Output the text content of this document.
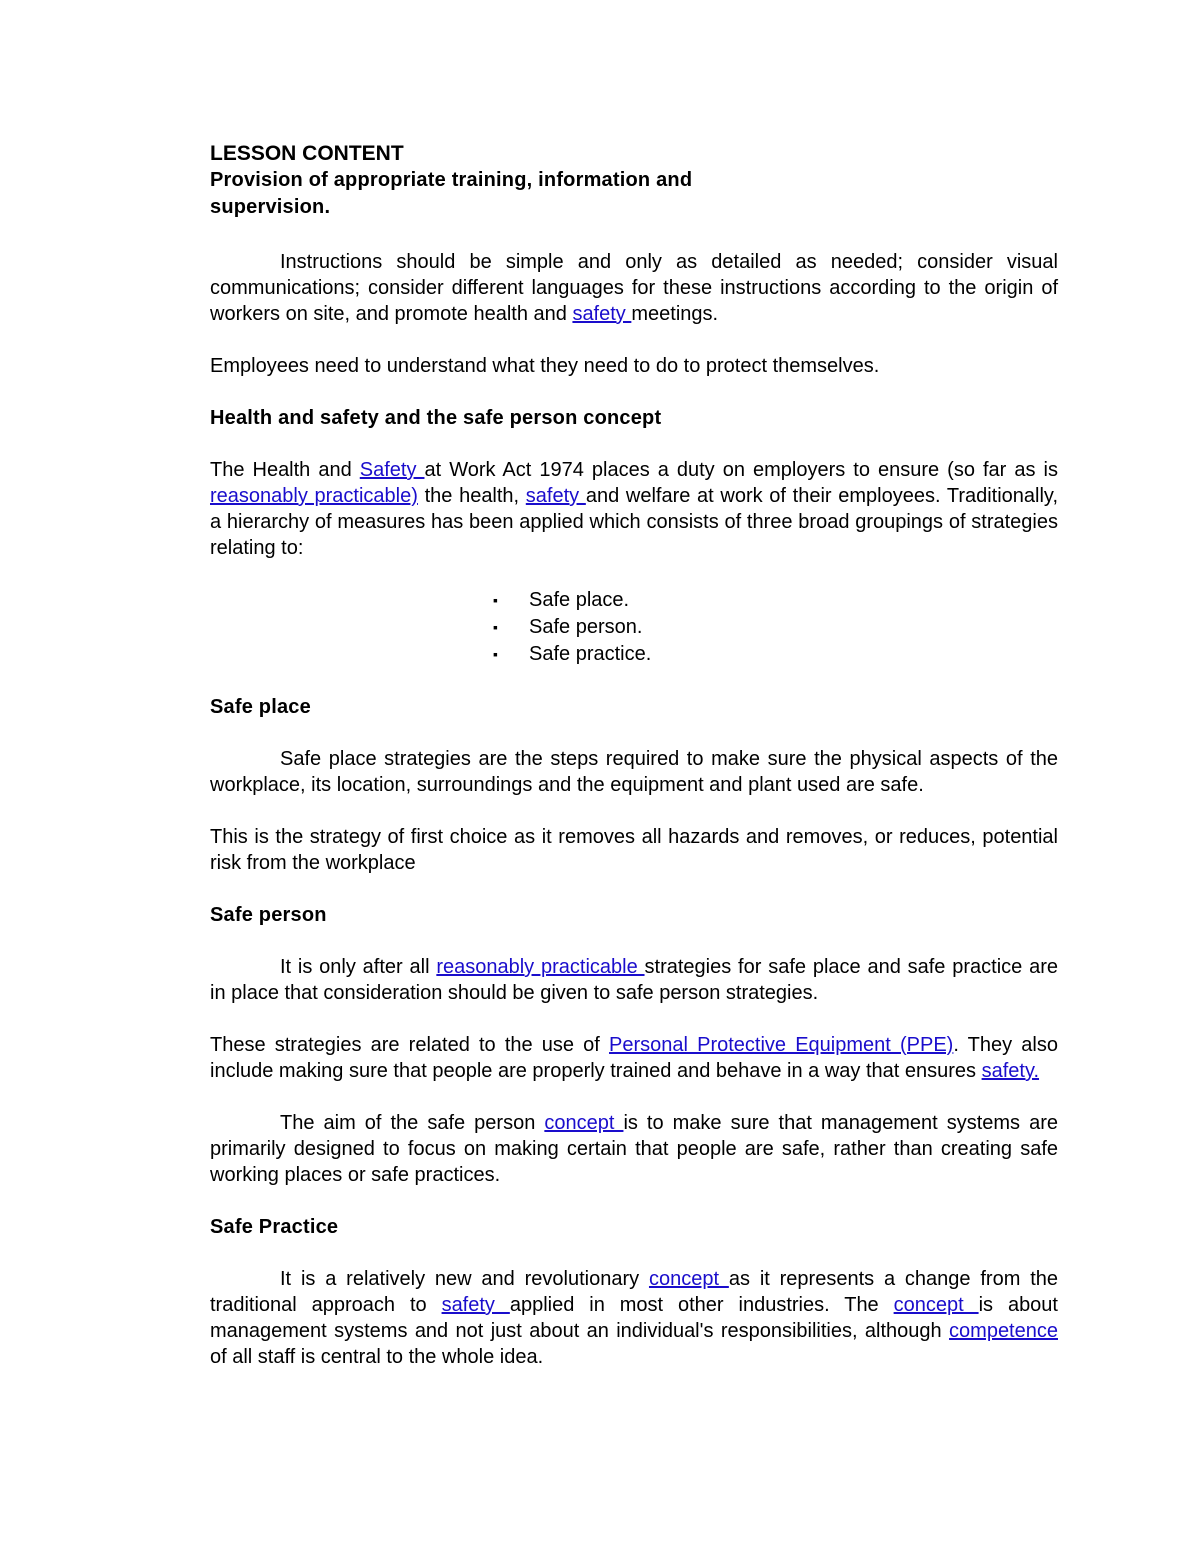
LESSON CONTENT

Provision of appropriate training, information and
supervision.

Instructions should be simple and only as detailed as needed; consider visual communications; consider different languages for these instructions according to the origin of workers on site, and promote health and safety meetings.

Employees need to understand what they need to do to protect themselves.

Health and safety and the safe person concept

The Health and Safety at Work Act 1974 places a duty on employers to ensure (so far as is reasonably practicable) the health, safety and welfare at work of their employees. Traditionally, a hierarchy of measures has been applied which consists of three broad groupings of strategies relating to:

▪ Safe place.
▪ Safe person.
▪ Safe practice.

Safe place

Safe place strategies are the steps required to make sure the physical aspects of the workplace, its location, surroundings and the equipment and plant used are safe.

This is the strategy of first choice as it removes all hazards and removes, or reduces, potential risk from the workplace

Safe person

It is only after all reasonably practicable strategies for safe place and safe practice are in place that consideration should be given to safe person strategies.

These strategies are related to the use of Personal Protective Equipment (PPE). They also include making sure that people are properly trained and behave in a way that ensures safety.

The aim of the safe person concept is to make sure that management systems are primarily designed to focus on making certain that people are safe, rather than creating safe working places or safe practices.

Safe Practice

It is a relatively new and revolutionary concept as it represents a change from the traditional approach to safety applied in most other industries. The concept is about management systems and not just about an individual's responsibilities, although competence of all staff is central to the whole idea.
